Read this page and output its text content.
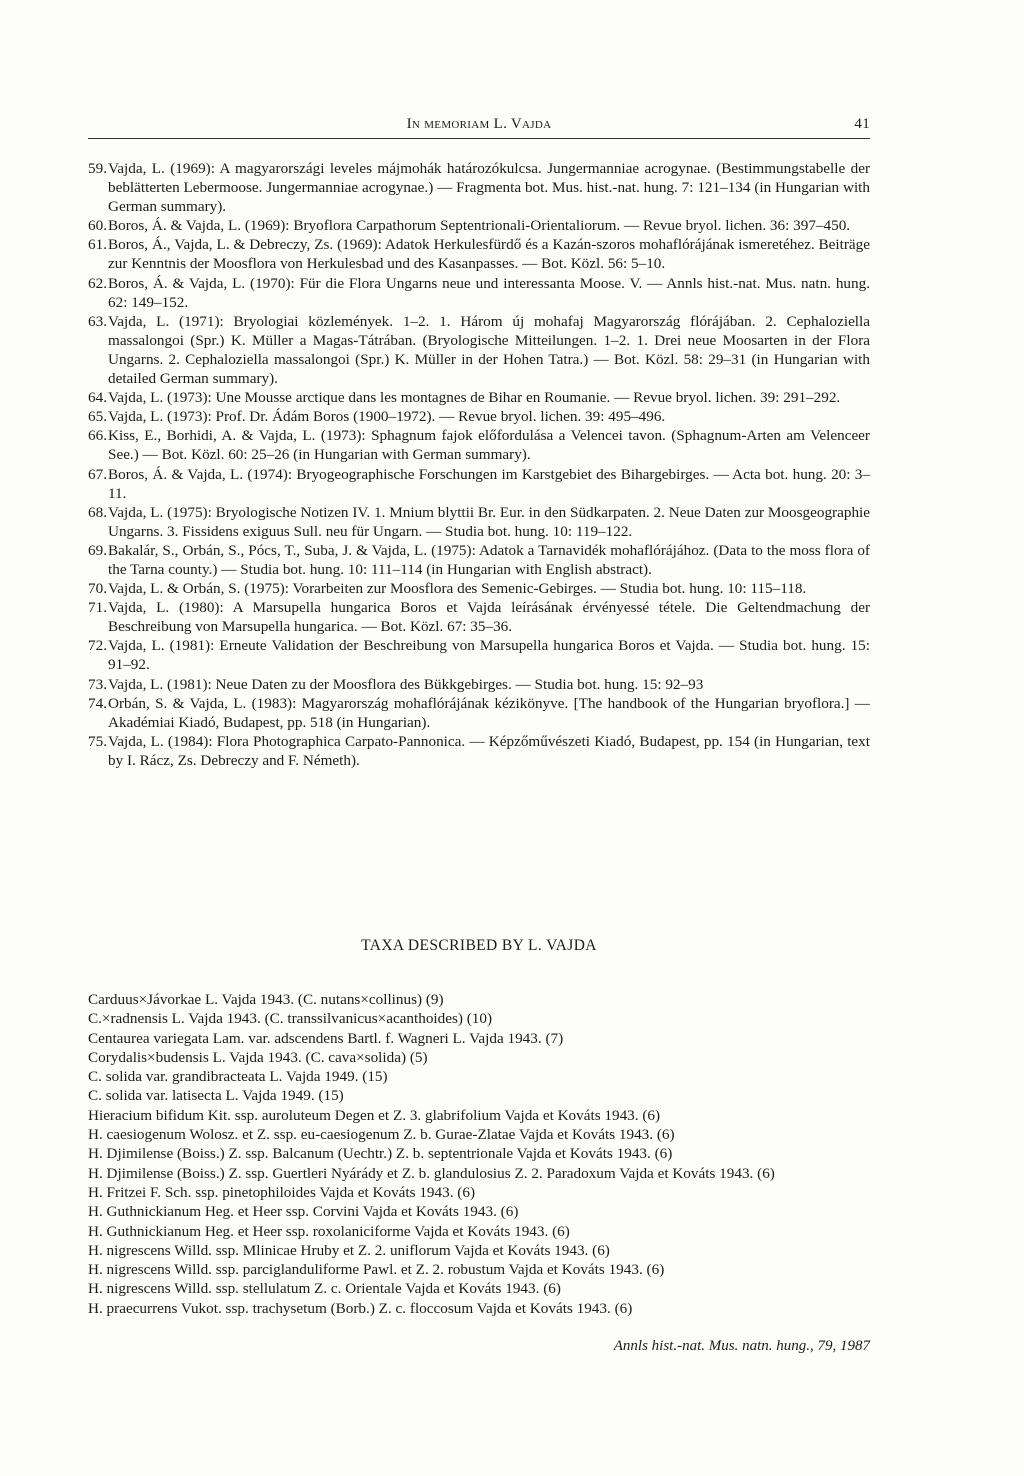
In memoriam L. Vajda	41
59. Vajda, L. (1969): A magyarországi leveles májmohák határozókulcsa. Jungermanniae acrogynae. (Bestimmungstabelle der beblätterten Lebermoose. Jungermanniae acrogynae.) — Fragmenta bot. Mus. hist.-nat. hung. 7: 121–134 (in Hungarian with German summary).
60. Boros, Á. & Vajda, L. (1969): Bryoflora Carpathorum Septentrionali-Orientaliorum. — Revue bryol. lichen. 36: 397–450.
61. Boros, Á., Vajda, L. & Debreczy, Zs. (1969): Adatok Herkulesfürdő és a Kazán-szoros mohaflórájának ismeretéhez. Beiträge zur Kenntnis der Moosflora von Herkulesbad und des Kasanpasses. — Bot. Közl. 56: 5–10.
62. Boros, Á. & Vajda, L. (1970): Für die Flora Ungarns neue und interessanta Moose. V. — Annls hist.-nat. Mus. natn. hung. 62: 149–152.
63. Vajda, L. (1971): Bryologiai közlemények. 1–2. 1. Három új mohafaj Magyarország flórájában. 2. Cephaloziella massalongoi (Spr.) K. Müller a Magas-Tátrában. (Bryologische Mitteilungen. 1–2. 1. Drei neue Moosarten in der Flora Ungarns. 2. Cephaloziella massalongoi (Spr.) K. Müller in der Hohen Tatra.) — Bot. Közl. 58: 29–31 (in Hungarian with detailed German summary).
64. Vajda, L. (1973): Une Mousse arctique dans les montagnes de Bihar en Roumanie. — Revue bryol. lichen. 39: 291–292.
65. Vajda, L. (1973): Prof. Dr. Ádám Boros (1900–1972). — Revue bryol. lichen. 39: 495–496.
66. Kiss, E., Borhidi, A. & Vajda, L. (1973): Sphagnum fajok előfordulása a Velencei tavon. (Sphagnum-Arten am Velenceer See.) — Bot. Közl. 60: 25–26 (in Hungarian with German summary).
67. Boros, Á. & Vajda, L. (1974): Bryogeographische Forschungen im Karstgebiet des Bihargebirges. — Acta bot. hung. 20: 3–11.
68. Vajda, L. (1975): Bryologische Notizen IV. 1. Mnium blyttii Br. Eur. in den Südkarpaten. 2. Neue Daten zur Moosgeographie Ungarns. 3. Fissidens exiguus Sull. neu für Ungarn. — Studia bot. hung. 10: 119–122.
69. Bakalár, S., Orbán, S., Pócs, T., Suba, J. & Vajda, L. (1975): Adatok a Tarnavidék mohaflórájához. (Data to the moss flora of the Tarna county.) — Studia bot. hung. 10: 111–114 (in Hungarian with English abstract).
70. Vajda, L. & Orbán, S. (1975): Vorarbeiten zur Moosflora des Semenic-Gebirges. — Studia bot. hung. 10: 115–118.
71. Vajda, L. (1980): A Marsupella hungarica Boros et Vajda leírásának érvényessé tétele. Die Geltendmachung der Beschreibung von Marsupella hungarica. — Bot. Közl. 67: 35–36.
72. Vajda, L. (1981): Erneute Validation der Beschreibung von Marsupella hungarica Boros et Vajda. — Studia bot. hung. 15: 91–92.
73. Vajda, L. (1981): Neue Daten zu der Moosflora des Bükkgebirges. — Studia bot. hung. 15: 92–93
74. Orbán, S. & Vajda, L. (1983): Magyarország mohaflórájának kézikönyve. [The handbook of the Hungarian bryoflora.] — Akadémiai Kiadó, Budapest, pp. 518 (in Hungarian).
75. Vajda, L. (1984): Flora Photographica Carpato-Pannonica. — Képzőművészeti Kiadó, Budapest, pp. 154 (in Hungarian, text by I. Rácz, Zs. Debreczy and F. Németh).
TAXA DESCRIBED BY L. VAJDA
Carduus×Jávorkae L. Vajda 1943. (C. nutans×collinus) (9)
C.×radnensis L. Vajda 1943. (C. transsilvanicus×acanthoides) (10)
Centaurea variegata Lam. var. adscendens Bartl. f. Wagneri L. Vajda 1943. (7)
Corydalis×budensis L. Vajda 1943. (C. cava×solida) (5)
C. solida var. grandibracteata L. Vajda 1949. (15)
C. solida var. latisecta L. Vajda 1949. (15)
Hieracium bifidum Kit. ssp. auroluteum Degen et Z. 3. glabrifolium Vajda et Kováts 1943. (6)
H. caesiogenum Wolosz. et Z. ssp. eu-caesiogenum Z. b. Gurae-Zlatae Vajda et Kováts 1943. (6)
H. Djimilense (Boiss.) Z. ssp. Balcanum (Uechtr.) Z. b. septentrionale Vajda et Kováts 1943. (6)
H. Djimilense (Boiss.) Z. ssp. Guertleri Nyárády et Z. b. glandulosius Z. 2. Paradoxum Vajda et Kováts 1943. (6)
H. Fritzei F. Sch. ssp. pinetophiloides Vajda et Kováts 1943. (6)
H. Guthnickianum Heg. et Heer ssp. Corvini Vajda et Kováts 1943. (6)
H. Guthnickianum Heg. et Heer ssp. roxolaniciforme Vajda et Kováts 1943. (6)
H. nigrescens Willd. ssp. Mlinicae Hruby et Z. 2. uniflorum Vajda et Kováts 1943. (6)
H. nigrescens Willd. ssp. parciglanduliforme Pawl. et Z. 2. robustum Vajda et Kováts 1943. (6)
H. nigrescens Willd. ssp. stellulatum Z. c. Orientale Vajda et Kováts 1943. (6)
H. praecurrens Vukot. ssp. trachysetum (Borb.) Z. c. floccosum Vajda et Kováts 1943. (6)
Annls hist.-nat. Mus. natn. hung., 79, 1987
